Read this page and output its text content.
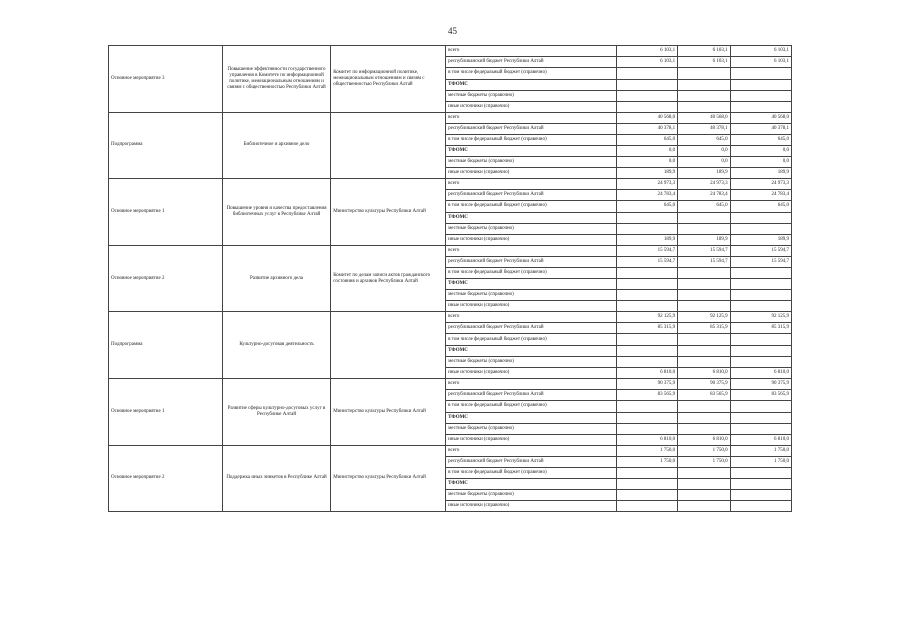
45
Основное мероприятие 3	Повышение эффективности государственного управления в Комитете по информационной политике, межнациональным отношениям и связям с общественностью Республики Алтай	Комитет по информационной политике, межнациональным отношениям и связям с общественностью Республики Алтай	всего	6 103,1	6 103,1	6 103,1
			республиканский бюджет Республики Алтай	6 103,1	6 103,1	6 103,1
			в том числе федеральный бюджет (справочно)			
			ТФОМС			
			местные бюджеты (справочно)			
			иные источники (справочно)			
Подпрограмма	Библиотечное и архивное дело		всего	40 568,0	40 568,0	40 568,0
			республиканский бюджет Республики Алтай	40 378,1	40 378,1	40 378,1
			в том числе федеральный бюджет (справочно)	645,0	645,0	645,0
			ТФОМС	0,0	0,0	0,0
			местные бюджеты (справочно)	0,0	0,0	0,0
			иные источники (справочно)	189,9	189,9	189,9
Основное мероприятие 1	Повышение уровня и качества предоставления библиотечных услуг в Республике Алтай	Министерство культуры Республики Алтай	всего	24 973,3	24 973,3	24 973,3
			республиканский бюджет Республики Алтай	24 783,4	24 783,4	24 783,4
			в том числе федеральный бюджет (справочно)	645,0	645,0	645,0
			ТФОМС			
			местные бюджеты (справочно)			
			иные источники (справочно)	189,9	189,9	189,9
Основное мероприятие 2	Развитие архивного дела	Комитет по делам записи актов гражданского состояния и архивов Республики Алтай	всего	15 594,7	15 594,7	15 594,7
			республиканский бюджет Республики Алтай	15 594,7	15 594,7	15 594,7
			в том числе федеральный бюджет (справочно)			
			ТФОМС			
			местные бюджеты (справочно)			
			иные источники (справочно)			
Подпрограмма	Культурно-досуговая деятельность		всего	92 125,9	92 125,9	92 125,9
			республиканский бюджет Республики Алтай	85 315,9	85 315,9	85 315,9
			в том числе федеральный бюджет (справочно)			
			ТФОМС			
			местные бюджеты (справочно)			
			иные источники (справочно)	6 810,0	6 810,0	6 810,0
Основное мероприятие 1	Развитие сферы культурно-досуговых услуг в Республике Алтай	Министерство культуры Республики Алтай	всего	90 375,9	90 375,9	90 375,9
			республиканский бюджет Республики Алтай	83 565,9	83 565,9	83 565,9
			в том числе федеральный бюджет (справочно)			
			ТФОМС			
			местные бюджеты (справочно)			
			иные источники (справочно)	6 810,0	6 810,0	6 810,0
Основное мероприятие 2	Поддержка иных эникетов в Республике Алтай	Министерство культуры Республики Алтай	всего	1 750,0	1 750,0	1 750,0
			республиканский бюджет Республики Алтай	1 750,0	1 750,0	1 750,0
			в том числе федеральный бюджет (справочно)			
			ТФОМС			
			местные бюджеты (справочно)			
			иные источники (справочно)			
